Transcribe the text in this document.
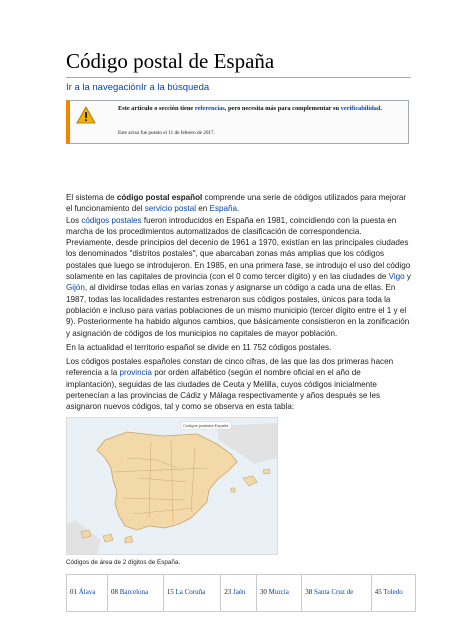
Código postal de España
Ir a la navegaciónIr a la búsqueda
Este artículo o sección tiene referencias, pero necesita más para complementar su verificabilidad.
Este aviso fue puesto el 11 de febrero de 2017.

El sistema de código postal español comprende una serie de códigos utilizados para mejorar el funcionamiento del servicio postal en España.
Los códigos postales fueron introducidos en España en 1981, coincidiendo con la puesta en marcha de los procedimientos automatizados de clasificación de correspondencia. Previamente, desde principios del decenio de 1961 a 1970, existían en las principales ciudades los denominados "distritos postales", que abarcaban zonas más amplias que los códigos postales que luego se introdujeron. En 1985, en una primera fase, se introdujo el uso del código solamente en las capitales de provincia (con el 0 como tercer dígito) y en las ciudades de Vigo y Gijón, al dividirse todas ellas en varias zonas y asignarse un código a cada una de ellas. En 1987, todas las localidades restantes estrenaron sus códigos postales, únicos para toda la población e incluso para varias poblaciones de un mismo municipio (tercer dígito entre el 1 y el 9). Posteriormente ha habido algunos cambios, que básicamente consistieron en la zonificación y asignación de códigos de los municipios no capitales de mayor población.

En la actualidad el territorio español se divide en 11 752 códigos postales.

Los códigos postales españoles constan de cinco cifras, de las que las dos primeras hacen referencia a la provincia por orden alfabético (según el nombre oficial en el año de implantación), seguidas de las ciudades de Ceuta y Melilla, cuyos códigos inicialmente pertenecían a las provincias de Cádiz y Málaga respectivamente y años después se les asignaron nuevos códigos, tal y como se observa en esta tabla:

Códigos postales España
Códigos de área de 2 dígitos de España.
01 Álava	08 Barcelona	15 La Coruña	23 Jaén	30 Murcia	38 Santa Cruz de	45 Toledo
